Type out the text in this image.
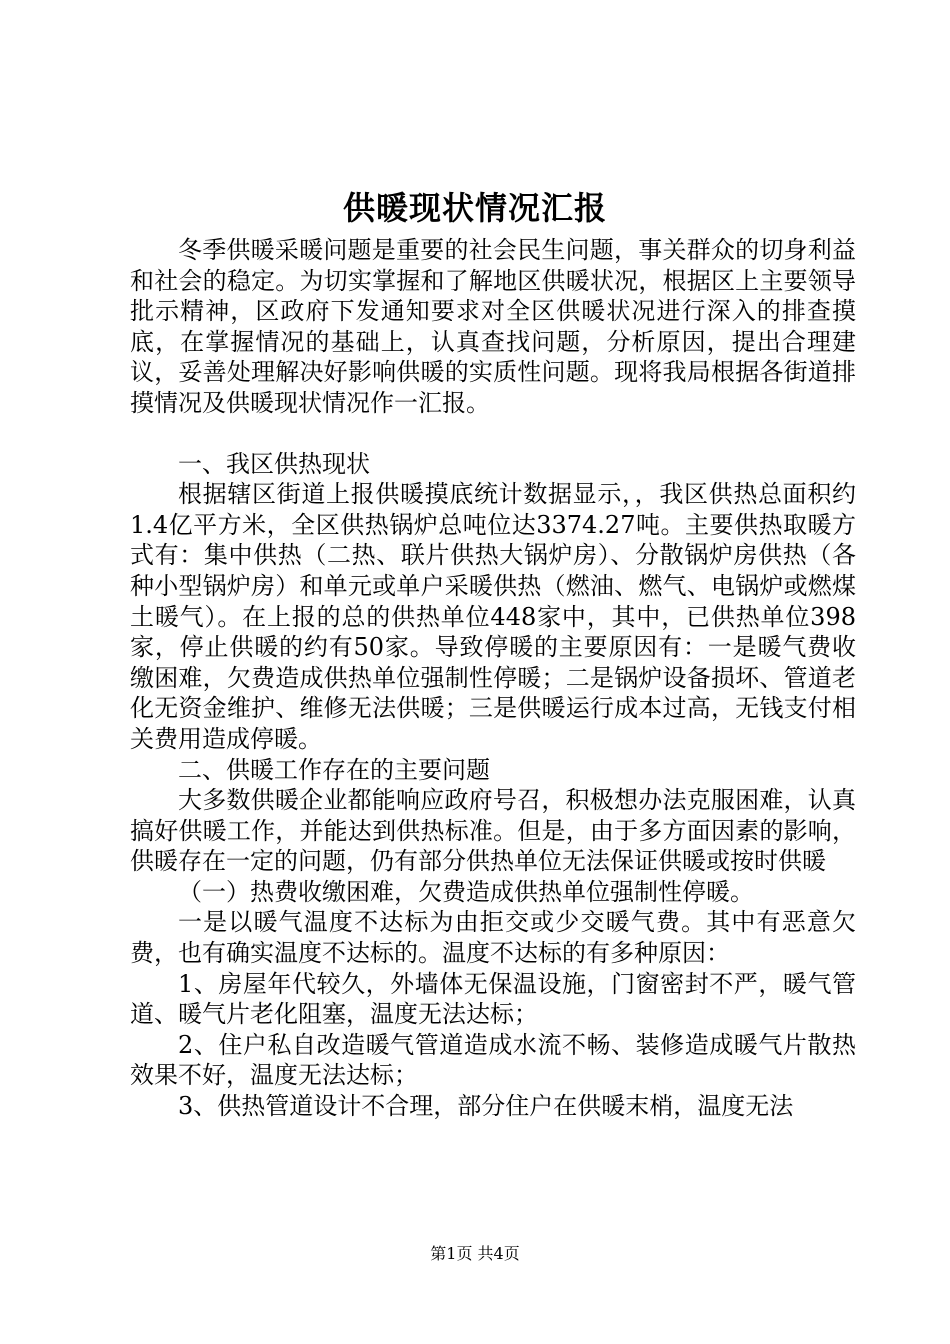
供暖现状情况汇报

冬季供暖采暖问题是重要的社会民生问题，事关群众的切身利益和社会的稳定。为切实掌握和了解地区供暖状况，根据区上主要领导批示精神，区政府下发通知要求对全区供暖状况进行深入的排查摸底，在掌握情况的基础上，认真查找问题，分析原因，提出合理建议，妥善处理解决好影响供暖的实质性问题。现将我局根据各街道排摸情况及供暖现状情况作一汇报。

一、我区供热现状

根据辖区街道上报供暖摸底统计数据显示，，我区供热总面积约1.4亿平方米，全区供热锅炉总吨位达3374.27吨。主要供热取暖方式有：集中供热（二热、联片供热大锅炉房）、分散锅炉房供热（各种小型锅炉房）和单元或单户采暖供热（燃油、燃气、电锅炉或燃煤土暖气）。在上报的总的供热单位448家中，其中，已供热单位398家，停止供暖的约有50家。导致停暖的主要原因有：一是暖气费收缴困难，欠费造成供热单位强制性停暖；二是锅炉设备损坏、管道老化无资金维护、维修无法供暖；三是供暖运行成本过高，无钱支付相关费用造成停暖。

二、供暖工作存在的主要问题

大多数供暖企业都能响应政府号召，积极想办法克服困难，认真搞好供暖工作，并能达到供热标准。但是，由于多方面因素的影响，供暖存在一定的问题，仍有部分供热单位无法保证供暖或按时供暖

（一）热费收缴困难，欠费造成供热单位强制性停暖。

一是以暖气温度不达标为由拒交或少交暖气费。其中有恶意欠费，也有确实温度不达标的。温度不达标的有多种原因：

1、房屋年代较久，外墙体无保温设施，门窗密封不严，暖气管道、暖气片老化阻塞，温度无法达标；

2、住户私自改造暖气管道造成水流不畅、装修造成暖气片散热效果不好，温度无法达标；

3、供热管道设计不合理，部分住户在供暖末梢，温度无法

第1页 共4页
